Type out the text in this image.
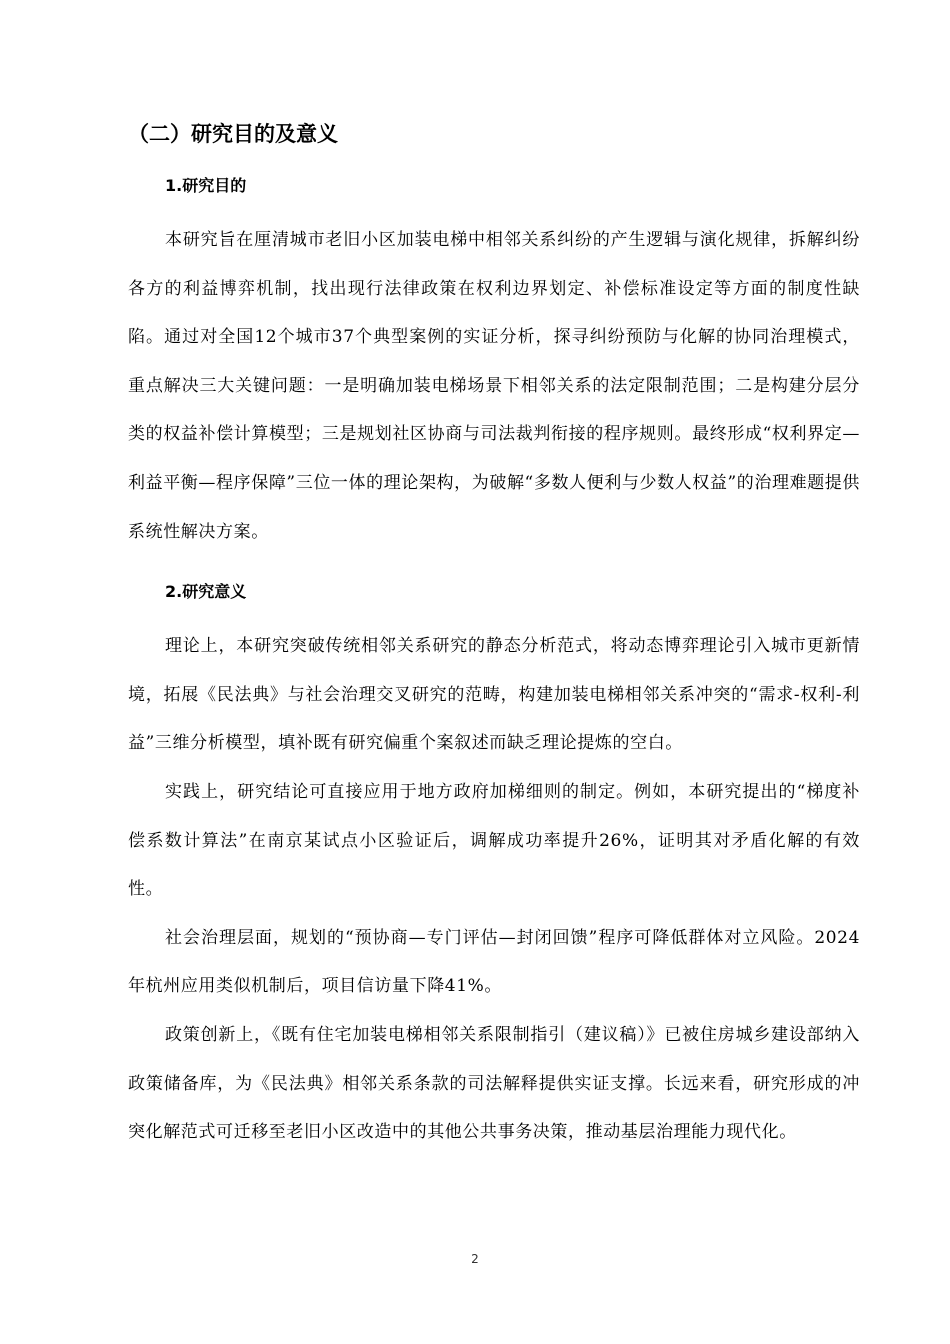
（二）研究目的及意义
1.研究目的

本研究旨在厘清城市老旧小区加装电梯中相邻关系纠纷的产生逻辑与演化规律，拆解纠纷各方的利益博弈机制，找出现行法律政策在权利边界划定、补偿标准设定等方面的制度性缺陷。通过对全国12个城市37个典型案例的实证分析，探寻纠纷预防与化解的协同治理模式，重点解决三大关键问题：一是明确加装电梯场景下相邻关系的法定限制范围；二是构建分层分类的权益补偿计算模型；三是规划社区协商与司法裁判衔接的程序规则。最终形成“权利界定—利益平衡—程序保障”三位一体的理论架构，为破解“多数人便利与少数人权益”的治理难题提供系统性解决方案。

2.研究意义

理论上，本研究突破传统相邻关系研究的静态分析范式，将动态博弈理论引入城市更新情境，拓展《民法典》与社会治理交叉研究的范畴，构建加装电梯相邻关系冲突的“需求-权利-利益”三维分析模型，填补既有研究偏重个案叙述而缺乏理论提炼的空白。

实践上，研究结论可直接应用于地方政府加梯细则的制定。例如，本研究提出的“梯度补偿系数计算法”在南京某试点小区验证后，调解成功率提升26%，证明其对矛盾化解的有效性。

社会治理层面，规划的“预协商—专门评估—封闭回馈”程序可降低群体对立风险。2024年杭州应用类似机制后，项目信访量下降41%。

政策创新上，《既有住宅加装电梯相邻关系限制指引（建议稿）》已被住房城乡建设部纳入政策储备库，为《民法典》相邻关系条款的司法解释提供实证支撑。长远来看，研究形成的冲突化解范式可迁移至老旧小区改造中的其他公共事务决策，推动基层治理能力现代化。

2
